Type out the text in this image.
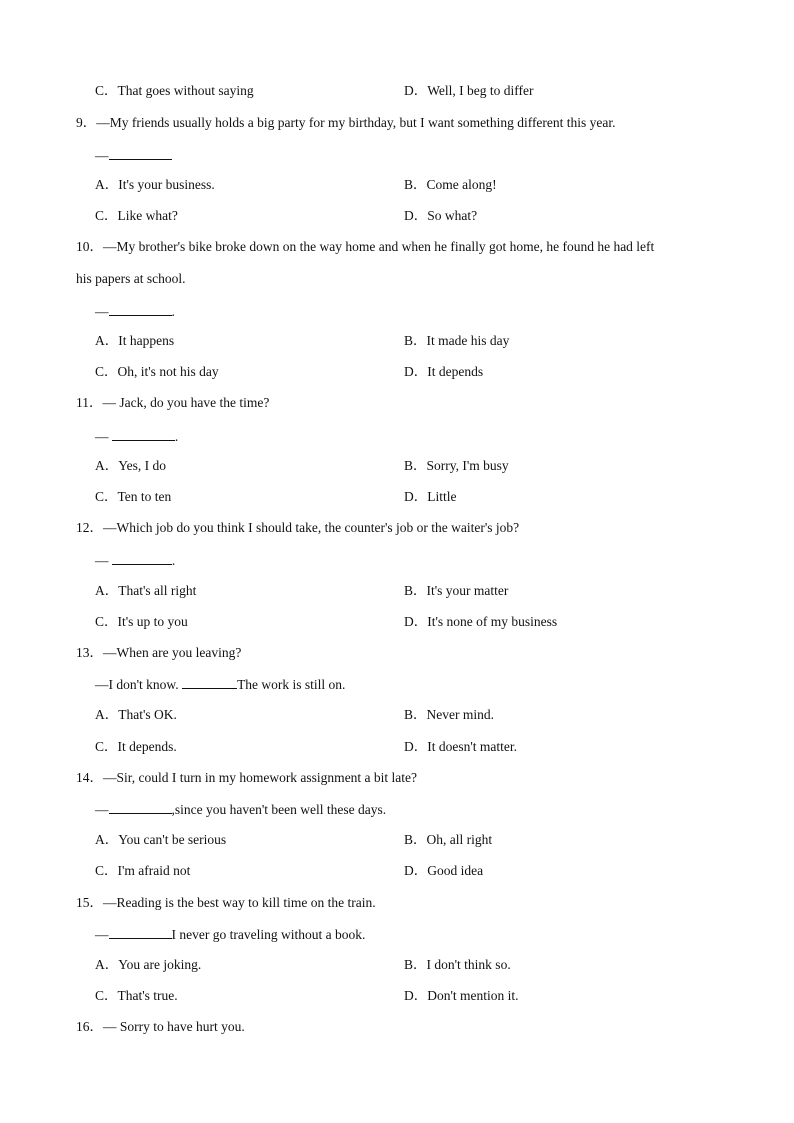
C．That goes without saying	D．Well, I beg to differ
9．—My friends usually holds a big party for my birthday, but I want something different this year.
—
A．It's your business.	B．Come along!
C．Like what?	D．So what?
10．—My brother's bike broke down on the way home and when he finally got home, he found he had left
his papers at school.
—	.
A．It happens	B．It made his day
C．Oh, it's not his day	D．It depends
11．— Jack, do you have the time?
—	.
A．Yes, I do	B．Sorry, I'm busy
C．Ten to ten	D．Little
12．—Which job do you think I should take, the counter's job or the waiter's job?
—	.
A．That's all right	B．It's your matter
C．It's up to you	D．It's none of my business
13．—When are you leaving?
—I don't know.	The work is still on.
A．That's OK.	B．Never mind.
C．It depends.	D．It doesn't matter.
14．—Sir, could I turn in my homework assignment a bit late?
—	,since you haven't been well these days.
A．You can't be serious	B．Oh, all right
C．I'm afraid not	D．Good idea
15．—Reading is the best way to kill time on the train.
—	I never go traveling without a book.
A．You are joking.	B．I don't think so.
C．That's true.	D．Don't mention it.
16．— Sorry to have hurt you.
